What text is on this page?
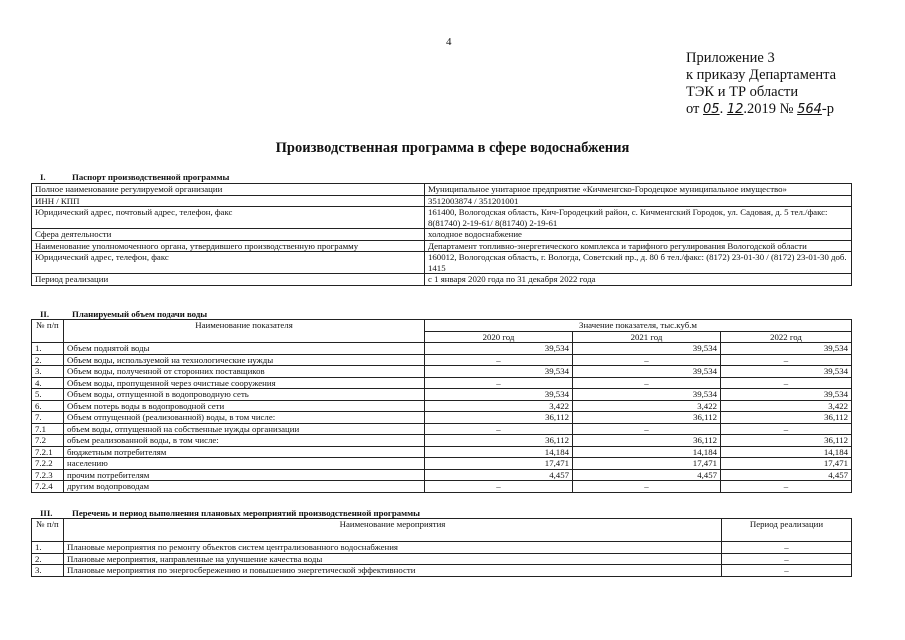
4
Приложение 3
к приказу Департамента
ТЭК и ТР области
от 05. 12.2019 № 564-р
Производственная программа в сфере водоснабжения
I.	Паспорт производственной программы
Полное наименование регулируемой организации	Муниципальное унитарное предприятие «Кичменгско-Городецкое муниципальное имущество»
ИНН / КПП	3512003874 / 351201001
Юридический адрес, почтовый адрес, телефон, факс	161400, Вологодская область, Кич-Городецкий район, с. Кичменгский Городок, ул. Садовая, д. 5 тел./факс: 8(81740) 2-19-61/ 8(81740) 2-19-61
Сфера деятельности	холодное водоснабжение
Наименование уполномоченного органа, утвердившего производственную программу	Департамент топливно-энергетического комплекса и тарифного регулирования Вологодской области
Юридический адрес, телефон, факс	160012, Вологодская область, г. Вологда, Советский пр., д. 80 б тел./факс: (8172) 23-01-30 / (8172) 23-01-30 доб. 1415
Период реализации	с 1 января 2020 года по 31 декабря 2022 года
II.	Планируемый объем подачи воды
№ п/п	Наименование показателя	Значение показателя, тыс.куб.м		
		2020 год	2021 год	2022 год
1.	Объем поднятой воды	39,534	39,534	39,534
2.	Объем воды, используемой на технологические нужды	–	–	–
3.	Объем воды, полученной от сторонних поставщиков	39,534	39,534	39,534
4.	Объем воды, пропущенной через очистные сооружения	–	–	–
5.	Объем воды, отпущенной в водопроводную сеть	39,534	39,534	39,534
6.	Объем потерь воды в водопроводной сети	3,422	3,422	3,422
7.	Объем отпущенной (реализованной) воды, в том числе:	36,112	36,112	36,112
7.1	объем воды, отпущенной на собственные нужды организации	–	–	–
7.2	объем реализованной воды, в том числе:	36,112	36,112	36,112
7.2.1	бюджетным потребителям	14,184	14,184	14,184
7.2.2	населению	17,471	17,471	17,471
7.2.3	прочим потребителям	4,457	4,457	4,457
7.2.4	другим водопроводам	–	–	–
III. Перечень и период выполнения плановых мероприятий производственной программы
№ п/п	Наименование мероприятия	Период реализации
1.	Плановые мероприятия по ремонту объектов систем централизованного водоснабжения	–
2.	Плановые мероприятия, направленные на улучшение качества воды	–
3.	Плановые мероприятия по энергосбережению и повышению энергетической эффективности	–
